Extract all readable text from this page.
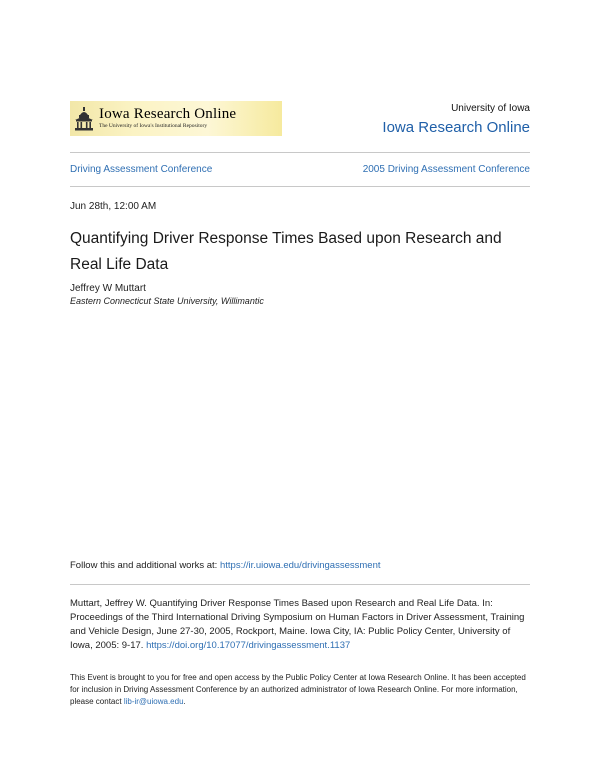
Iowa Research Online
The University of Iowa's Institutional Repository
University of Iowa
Iowa Research Online
Driving Assessment Conference	2005 Driving Assessment Conference
Jun 28th, 12:00 AM
Quantifying Driver Response Times Based upon Research and Real Life Data
Jeffrey W Muttart
Eastern Connecticut State University, Willimantic
Follow this and additional works at: https://ir.uiowa.edu/drivingassessment
Muttart, Jeffrey W. Quantifying Driver Response Times Based upon Research and Real Life Data. In: Proceedings of the Third International Driving Symposium on Human Factors in Driver Assessment, Training and Vehicle Design, June 27-30, 2005, Rockport, Maine. Iowa City, IA: Public Policy Center, University of Iowa, 2005: 9-17. https://doi.org/10.17077/drivingassessment.1137
This Event is brought to you for free and open access by the Public Policy Center at Iowa Research Online. It has been accepted for inclusion in Driving Assessment Conference by an authorized administrator of Iowa Research Online. For more information, please contact lib-ir@uiowa.edu.
